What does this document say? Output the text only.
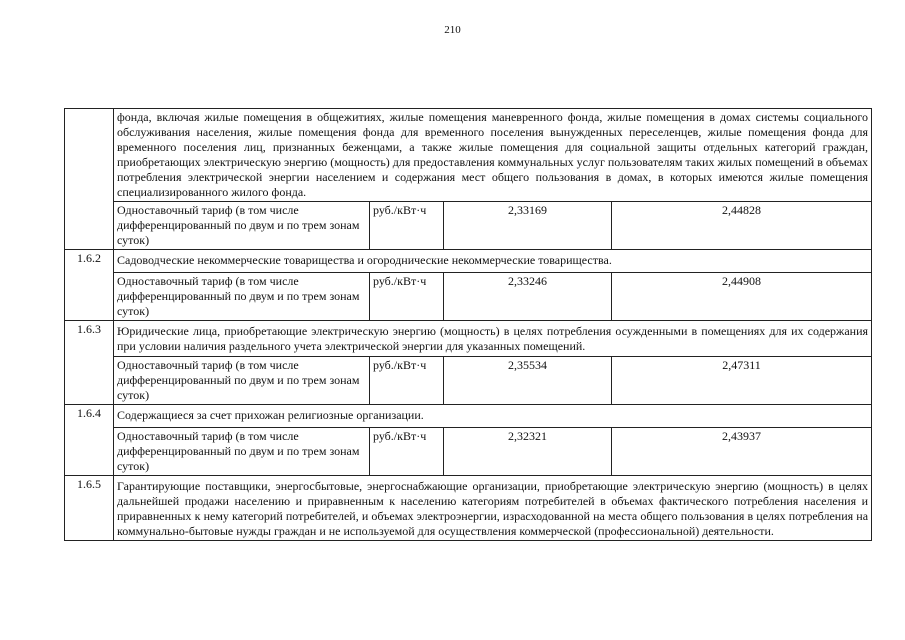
210
	фонда, включая жилые помещения в общежитиях, жилые помещения маневренного фонда, жилые помещения в домах системы социального обслуживания населения, жилые помещения фонда для временного поселения вынужденных переселенцев, жилые помещения фонда для временного поселения лиц, признанных беженцами, а также жилые помещения для социальной защиты отдельных категорий граждан, приобретающих электрическую энергию (мощность) для предоставления коммунальных услуг пользователям таких жилых помещений в объемах потребления электрической энергии населением и содержания мест общего пользования в домах, в которых имеются жилые помещения специализированного жилого фонда.			
	Одноставочный тариф (в том числе дифференцированный по двум и по трем зонам суток)	руб./кВт·ч	2,33169	2,44828
1.6.2	Садоводческие некоммерческие товарищества и огороднические некоммерческие товарищества.			
	Одноставочный тариф (в том числе дифференцированный по двум и по трем зонам суток)	руб./кВт·ч	2,33246	2,44908
1.6.3	Юридические лица, приобретающие электрическую энергию (мощность) в целях потребления осужденными в помещениях для их содержания при условии наличия раздельного учета электрической энергии для указанных помещений.			
	Одноставочный тариф (в том числе дифференцированный по двум и по трем зонам суток)	руб./кВт·ч	2,35534	2,47311
1.6.4	Содержащиеся за счет прихожан религиозные организации.			
	Одноставочный тариф (в том числе дифференцированный по двум и по трем зонам суток)	руб./кВт·ч	2,32321	2,43937
1.6.5	Гарантирующие поставщики, энергосбытовые, энергоснабжающие организации, приобретающие электрическую энергию (мощность) в целях дальнейшей продажи населению и приравненным к населению категориям потребителей в объемах фактического потребления населения и приравненных к нему категорий потребителей, и объемах электроэнергии, израсходованной на места общего пользования в целях потребления на коммунально-бытовые нужды граждан и не используемой для осуществления коммерческой (профессиональной) деятельности.			
